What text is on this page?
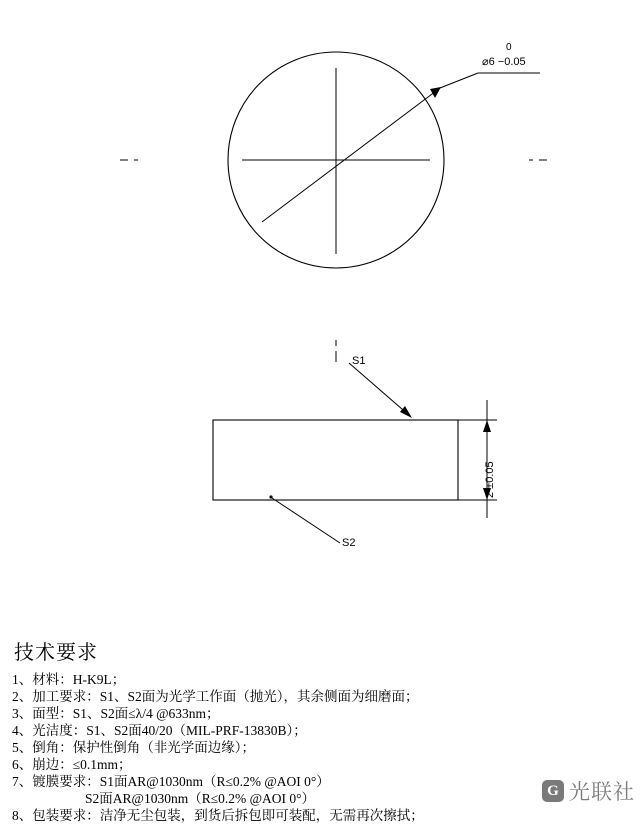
0
⌀6 −0.05
S1
S2
2 ±0.05
技术要求
1、材料：H-K9L；
2、加工要求：S1、S2面为光学工作面（抛光），其余侧面为细磨面；
3、面型：S1、S2面≤λ/4 @633nm；
4、光洁度：S1、S2面40/20（MIL-PRF-13830B）；
5、倒角：保护性倒角（非光学面边缘）；
6、崩边：≤0.1mm；
7、镀膜要求：S1面AR@1030nm（R≤0.2% @AOI 0°）
S2面AR@1030nm（R≤0.2% @AOI 0°）
8、包装要求：洁净无尘包装，到货后拆包即可装配，无需再次擦拭；
G 光联社
